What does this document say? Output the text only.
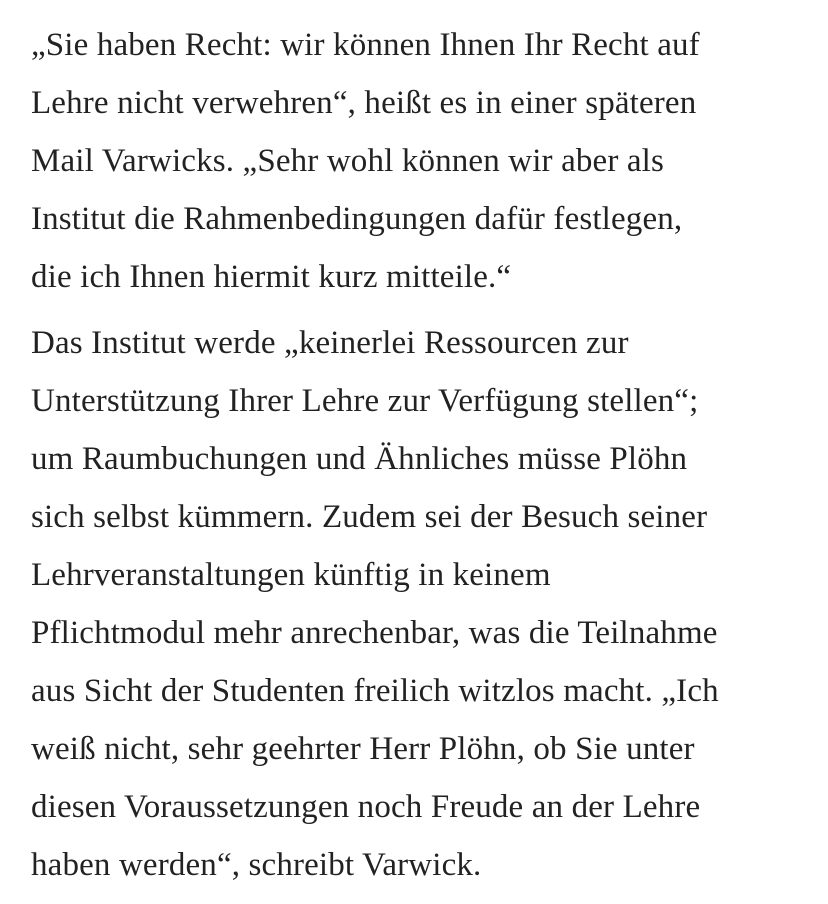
„Sie haben Recht: wir können Ihnen Ihr Recht auf
Lehre nicht verwehren“, heißt es in einer späteren
Mail Varwicks. „Sehr wohl können wir aber als
Institut die Rahmenbedingungen dafür festlegen,
die ich Ihnen hiermit kurz mitteile.“

Das Institut werde „keinerlei Ressourcen zur
Unterstützung Ihrer Lehre zur Verfügung stellen“;
um Raumbuchungen und Ähnliches müsse Plöhn
sich selbst kümmern. Zudem sei der Besuch seiner
Lehrveranstaltungen künftig in keinem
Pflichtmodul mehr anrechenbar, was die Teilnahme
aus Sicht der Studenten freilich witzlos macht. „Ich
weiß nicht, sehr geehrter Herr Plöhn, ob Sie unter
diesen Voraussetzungen noch Freude an der Lehre
haben werden“, schreibt Varwick.
